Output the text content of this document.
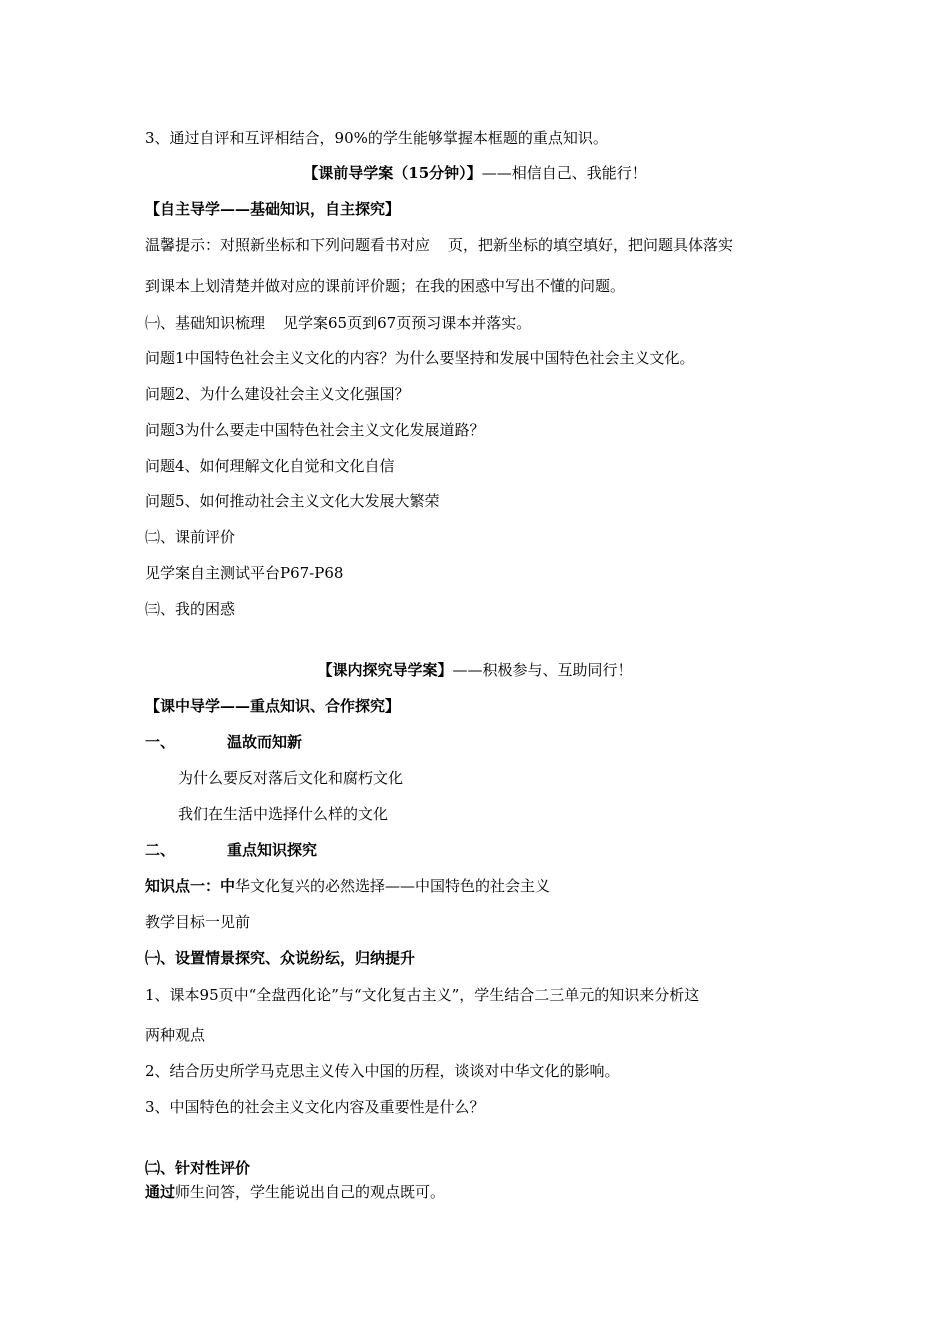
3、通过自评和互评相结合，90%的学生能够掌握本框题的重点知识。
【课前导学案（15分钟）】——相信自己、我能行！
【自主导学——基础知识，自主探究】
温馨提示：对照新坐标和下列问题看书对应 页，把新坐标的填空填好，把问题具体落实
到课本上划清楚并做对应的课前评价题；在我的困惑中写出不懂的问题。
㈠、基础知识梳理 见学案65页到67页预习课本并落实。
问题1中国特色社会主义文化的内容？为什么要坚持和发展中国特色社会主义文化。
问题2、为什么建设社会主义文化强国？
问题3为什么要走中国特色社会主义文化发展道路？
问题4、如何理解文化自觉和文化自信
问题5、如何推动社会主义文化大发展大繁荣
㈡、课前评价
见学案自主测试平台P67-P68
㈢、我的困惑
【课内探究导学案】——积极参与、互助同行！
【课中导学——重点知识、合作探究】
一、	温故而知新
为什么要反对落后文化和腐朽文化
我们在生活中选择什么样的文化
二、	重点知识探究
知识点一：中华文化复兴的必然选择——中国特色的社会主义
教学目标一见前
㈠、设置情景探究、众说纷纭，归纳提升
1、课本95页中“全盘西化论”与“文化复古主义”，学生结合二三单元的知识来分析这
两种观点
2、结合历史所学马克思主义传入中国的历程，谈谈对中华文化的影响。
3、中国特色的社会主义文化内容及重要性是什么？
㈡、针对性评价
通过师生问答，学生能说出自己的观点既可。
